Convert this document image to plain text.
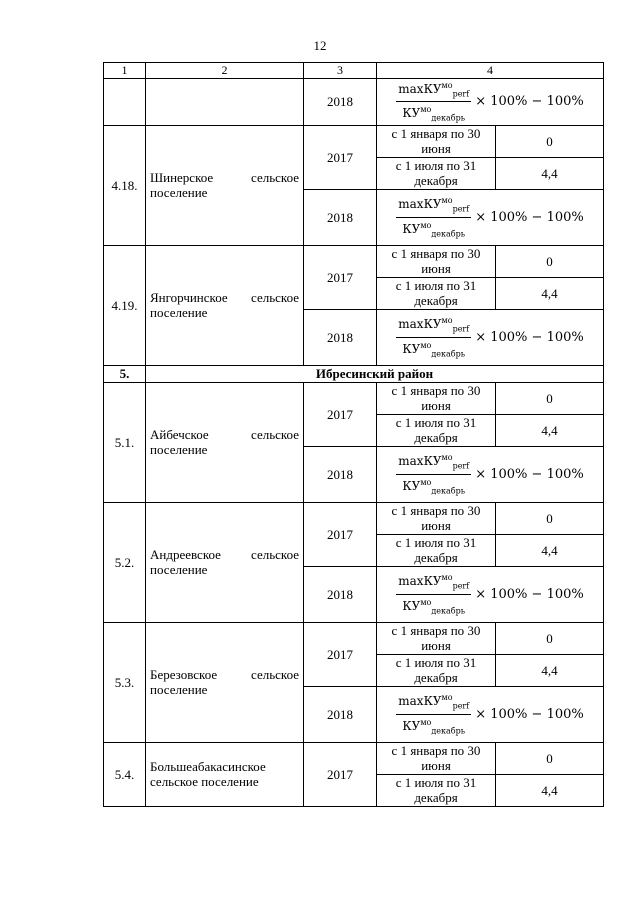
12
1	2	3	4	
		2018	$\frac{\max КУ^{мо}_{perf}}{КУ^{мо}_{декабрь}} \times 100\% - 100\%$	

4.18.	Шинерское сельское поселение	2017	с 1 января по 30 июня	0
			с 1 июля по 31 декабря	4,4
		2018	$\frac{\max КУ^{мо}_{perf}}{КУ^{мо}_{декабрь}} \times 100\% - 100\%$	

4.19.	Янгорчинское сельское поселение	2017	с 1 января по 30 июня	0
			с 1 июля по 31 декабря	4,4
		2018	$\frac{\max КУ^{мо}_{perf}}{КУ^{мо}_{декабрь}} \times 100\% - 100\%$	

5.	Ибресинский район			
5.1.	Айбечское сельское поселение	2017	с 1 января по 30 июня	0
			с 1 июля по 31 декабря	4,4
		2018	$\frac{\max КУ^{мо}_{perf}}{КУ^{мо}_{декабрь}} \times 100\% - 100\%$	

5.2.	Андреевское сельское поселение	2017	с 1 января по 30 июня	0
			с 1 июля по 31 декабря	4,4
		2018	$\frac{\max КУ^{мо}_{perf}}{КУ^{мо}_{декабрь}} \times 100\% - 100\%$	

5.3.	Березовское сельское поселение	2017	с 1 января по 30 июня	0
			с 1 июля по 31 декабря	4,4
		2018	$\frac{\max КУ^{мо}_{perf}}{КУ^{мо}_{декабрь}} \times 100\% - 100\%$	

5.4.	Большеабакасинское сельское поселение	2017	с 1 января по 30 июня	0
			с 1 июля по 31 декабря	4,4
